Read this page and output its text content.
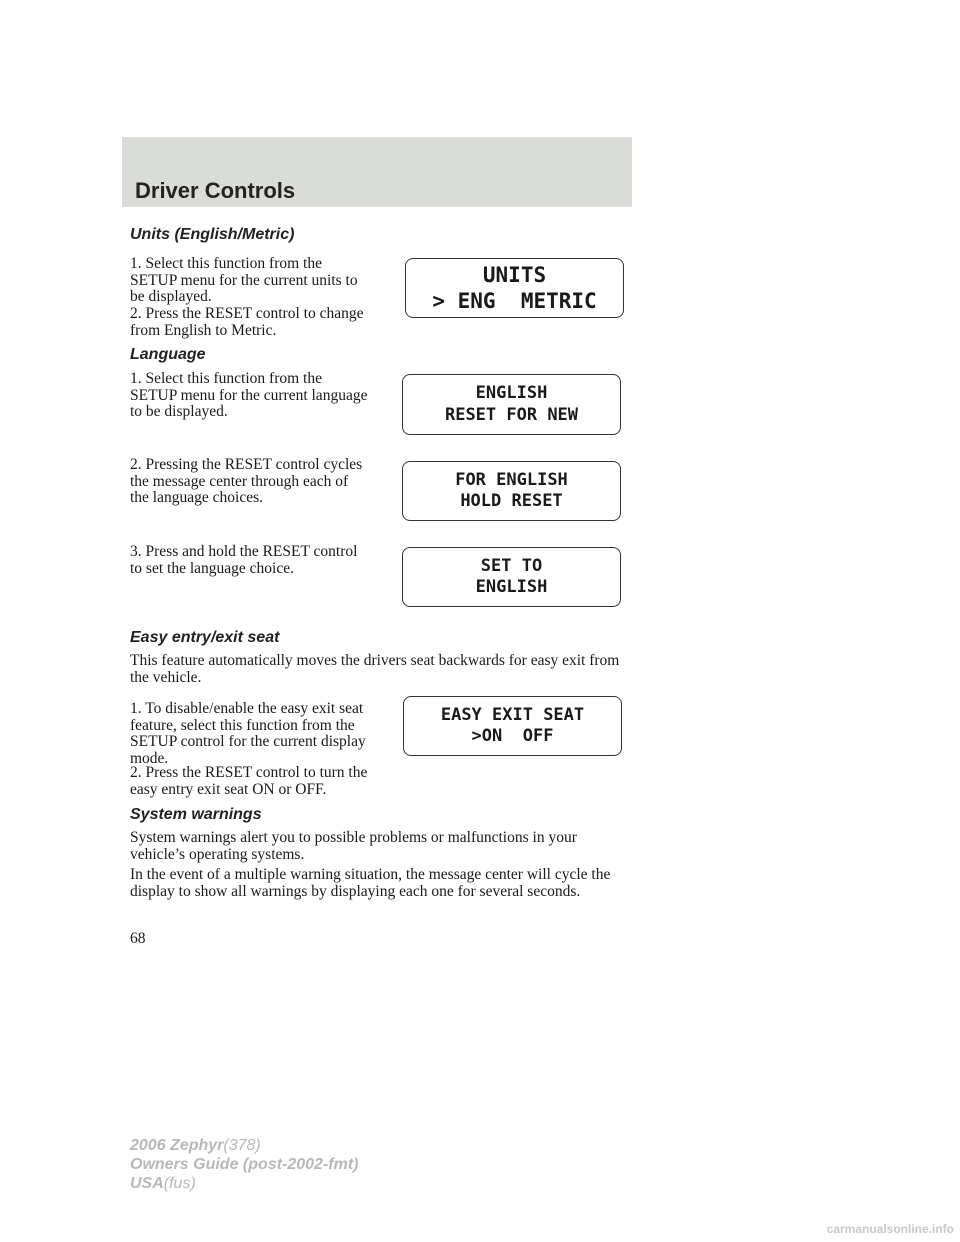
Driver Controls
Units (English/Metric)
1. Select this function from the SETUP menu for the current units to be displayed.
2. Press the RESET control to change from English to Metric.
UNITS
> ENG  METRIC
Language
1. Select this function from the SETUP menu for the current language to be displayed.
2. Pressing the RESET control cycles the message center through each of the language choices.
3. Press and hold the RESET control to set the language choice.
ENGLISH
RESET FOR NEW
FOR ENGLISH
HOLD RESET
SET TO
ENGLISH
Easy entry/exit seat
This feature automatically moves the drivers seat backwards for easy exit from the vehicle.
1. To disable/enable the easy exit seat feature, select this function from the SETUP control for the current display mode.
2. Press the RESET control to turn the easy entry exit seat ON or OFF.
EASY EXIT SEAT
>ON  OFF
System warnings
System warnings alert you to possible problems or malfunctions in your vehicle’s operating systems.
In the event of a multiple warning situation, the message center will cycle the display to show all warnings by displaying each one for several seconds.
68
2006 Zephyr(378)
Owners Guide (post-2002-fmt)
USA(fus)
carmanualsonline.info
